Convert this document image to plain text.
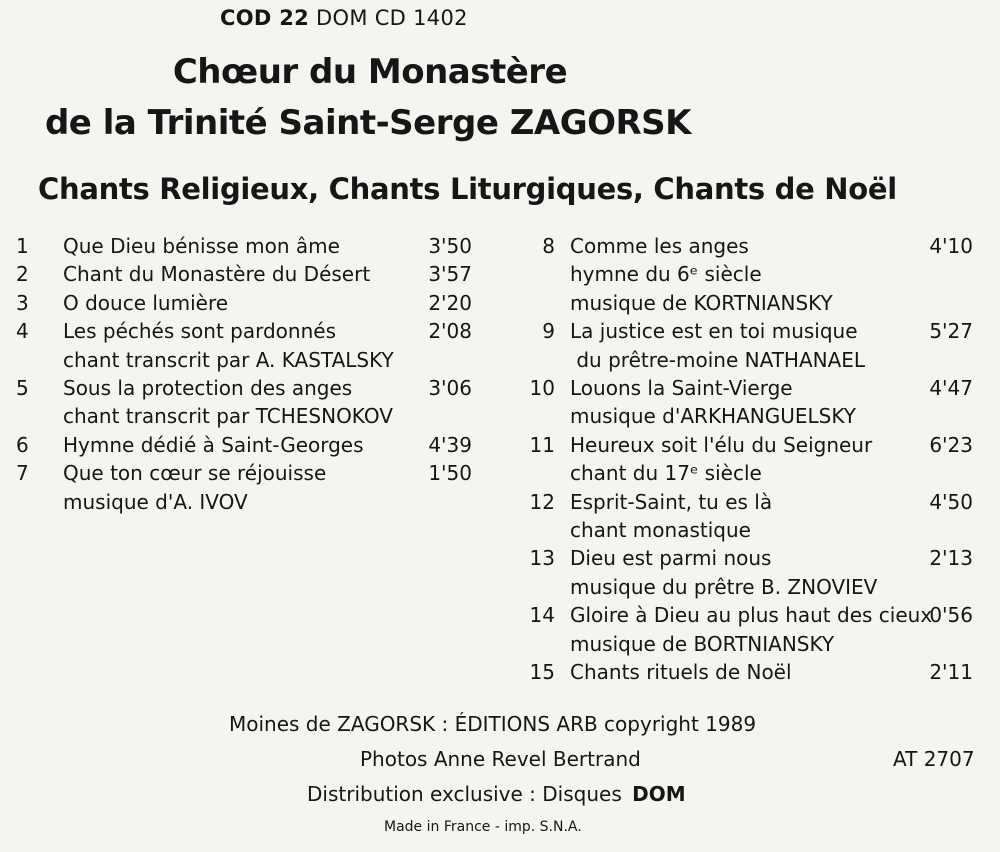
COD 22 DOM CD 1402
Chœur du Monastère
de la Trinité Saint-Serge ZAGORSK
Chants Religieux, Chants Liturgiques, Chants de Noël
1	Que Dieu bénisse mon âme	3'50
2	Chant du Monastère du Désert	3'57
3	O douce lumière	2'20
4	Les péchés sont pardonnés
chant transcrit par A. KASTALSKY
2'08
5	Sous la protection des anges
chant transcrit par TCHESNOKOV
3'06
6	Hymne dédié à Saint-Georges	4'39
7	Que ton cœur se réjouisse
musique d'A. IVOV
1'50
8 Comme les anges
hymne du 6ᵉ siècle
musique de KORTNIANSKY
4'10
9 La justice est en toi musique
du prêtre-moine NATHANAEL
5'27
10 Louons la Saint-Vierge
musique d'ARKHANGUELSKY
4'47
11 Heureux soit l'élu du Seigneur
chant du 17ᵉ siècle
6'23
12 Esprit-Saint, tu es là
chant monastique
4'50
13 Dieu est parmi nous
musique du prêtre B. ZNOVIEV
2'13
14 Gloire à Dieu au plus haut des cieux
musique de BORTNIANSKY
0'56
15 Chants rituels de Noël	2'11
Moines de ZAGORSK : ÉDITIONS ARB copyright 1989
Photos Anne Revel Bertrand	AT 2707
Distribution exclusive : Disques DOM
Made in France - imp. S.N.A.
